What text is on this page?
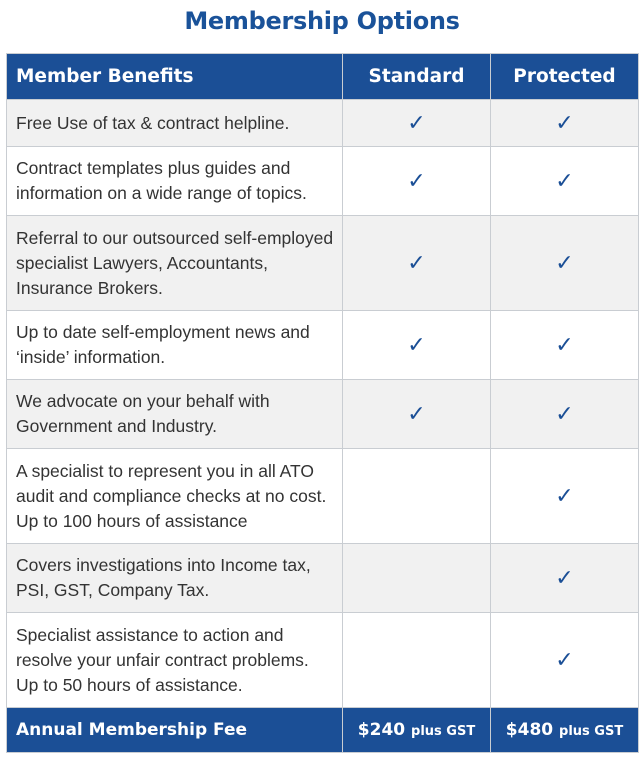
Membership Options
Member Benefits	Standard	Protected
Free Use of tax & contract helpline.	✓	✓
Contract templates plus guides and information on a wide range of topics.	✓	✓
Referral to our outsourced self-employed specialist Lawyers, Accountants, Insurance Brokers.	✓	✓
Up to date self-employment news and ‘inside’ information.	✓	✓
We advocate on your behalf with Government and Industry.	✓	✓
A specialist to represent you in all ATO audit and compliance checks at no cost. Up to 100 hours of assistance		✓
Covers investigations into Income tax, PSI, GST, Company Tax.		✓
Specialist assistance to action and resolve your unfair contract problems. Up to 50 hours of assistance.		✓
Annual Membership Fee	$240 plus GST	$480 plus GST
